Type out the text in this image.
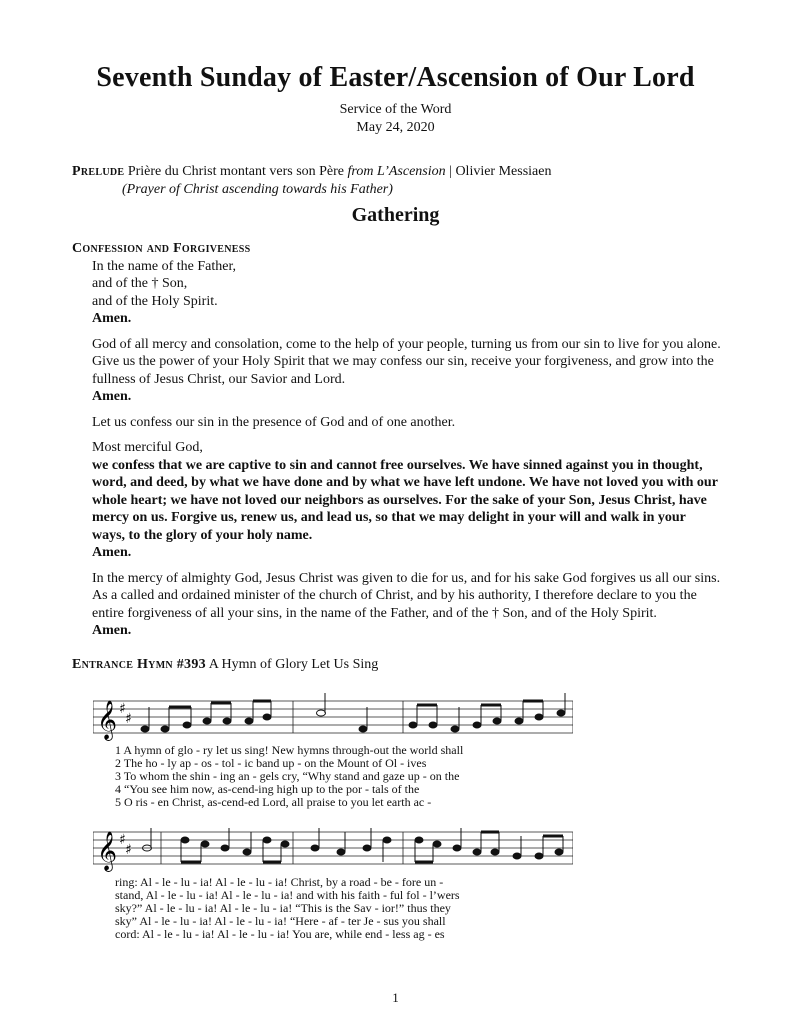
Seventh Sunday of Easter/Ascension of Our Lord
Service of the Word
May 24, 2020
Prelude Prière du Christ montant vers son Père from L’Ascension | Olivier Messiaen
(Prayer of Christ ascending towards his Father)
Gathering
Confession and Forgiveness
In the name of the Father,
and of the † Son,
and of the Holy Spirit.

Amen.

God of all mercy and consolation, come to the help of your people, turning us from our sin to live for you alone. Give us the power of your Holy Spirit that we may confess our sin, receive your forgiveness, and grow into the fullness of Jesus Christ, our Savior and Lord.

Amen.

Let us confess our sin in the presence of God and of one another.

Most merciful God,
we confess that we are captive to sin and cannot free ourselves. We have sinned against you in thought, word, and deed, by what we have done and by what we have left undone. We have not loved you with our whole heart; we have not loved our neighbors as ourselves. For the sake of your Son, Jesus Christ, have mercy on us. Forgive us, renew us, and lead us, so that we may delight in your will and walk in your ways, to the glory of your holy name.

Amen.

In the mercy of almighty God, Jesus Christ was given to die for us, and for his sake God forgives us all our sins. As a called and ordained minister of the church of Christ, and by his authority, I therefore declare to you the entire forgiveness of all your sins, in the name of the Father, and of the † Son, and of the Holy Spirit.

Amen.

Entrance Hymn #393 A Hymn of Glory Let Us Sing
𝄞 ♯
♯
1 A hymn of glo - ry let us sing! New hymns through-out the world shall
2 The ho - ly ap - os - tol - ic band up - on the Mount of Ol - ives
3 To whom the shin - ing an - gels cry, “Why stand and gaze up - on the
4 “You see him now, as-cend-ing high up to the por - tals of the
5 O ris - en Christ, as-cend-ed Lord, all praise to you let earth ac -
𝄞 ♯
♯
ring: Al - le - lu - ia! Al - le - lu - ia! Christ, by a road - be - fore un -
stand, Al - le - lu - ia! Al - le - lu - ia! and with his faith - ful fol - l’wers
sky?” Al - le - lu - ia! Al - le - lu - ia! “This is the Sav - ior!” thus they
sky” Al - le - lu - ia! Al - le - lu - ia! “Here - af - ter Je - sus you shall
cord: Al - le - lu - ia! Al - le - lu - ia! You are, while end - less ag - es
1
